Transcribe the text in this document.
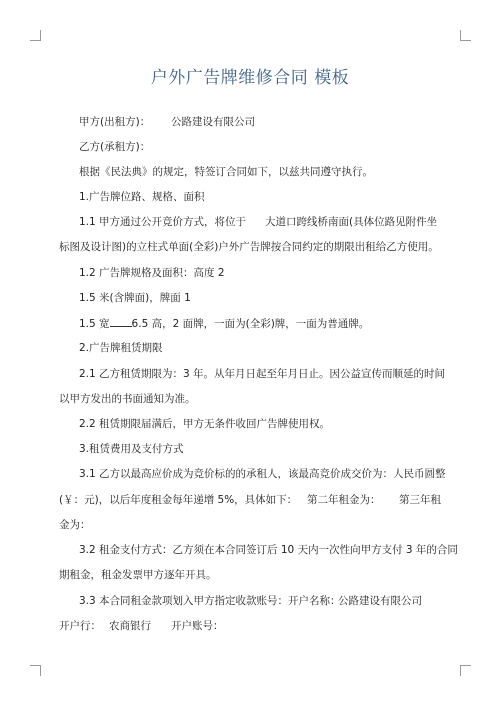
户外广告牌维修合同 模板
甲方(出租方)： 公路建设有限公司
乙方(承租方)：
根据《民法典》的规定，特签订合同如下，以兹共同遵守执行。
1.广告牌位路、规格、面积
1.1 甲方通过公开竞价方式，将位于 大道口跨线桥南面(具体位路见附件坐
标图及设计图)的立柱式单面(全彩)户外广告牌按合同约定的期限出租给乙方使用。
1.2 广告牌规格及面积：高度 2
1.5 米(含牌面)，牌面 1
1.5 宽 6.5 高，2 面牌，一面为(全彩)牌，一面为普通牌。
2.广告牌租赁期限
2.1 乙方租赁期限为：3 年。从年月日起至年月日止。因公益宣传而顺延的时间
以甲方发出的书面通知为准。
2.2 租赁期限届满后，甲方无条件收回广告牌使用权。
3.租赁费用及支付方式
3.1 乙方以最高应价成为竞价标的的承租人，该最高竞价成交价为：人民币圆整
(￥：元)，以后年度租金每年递增 5%，具体如下： 第二年租金为： 第三年租
金为：
3.2 租金支付方式：乙方须在本合同签订后 10 天内一次性向甲方支付 3 年的合同
期租金，租金发票甲方逐年开具。
3.3 本合同租金款项划入甲方指定收款账号：开户名称：
公路建设有限公司
开户行： 农商银行 开户账号：
